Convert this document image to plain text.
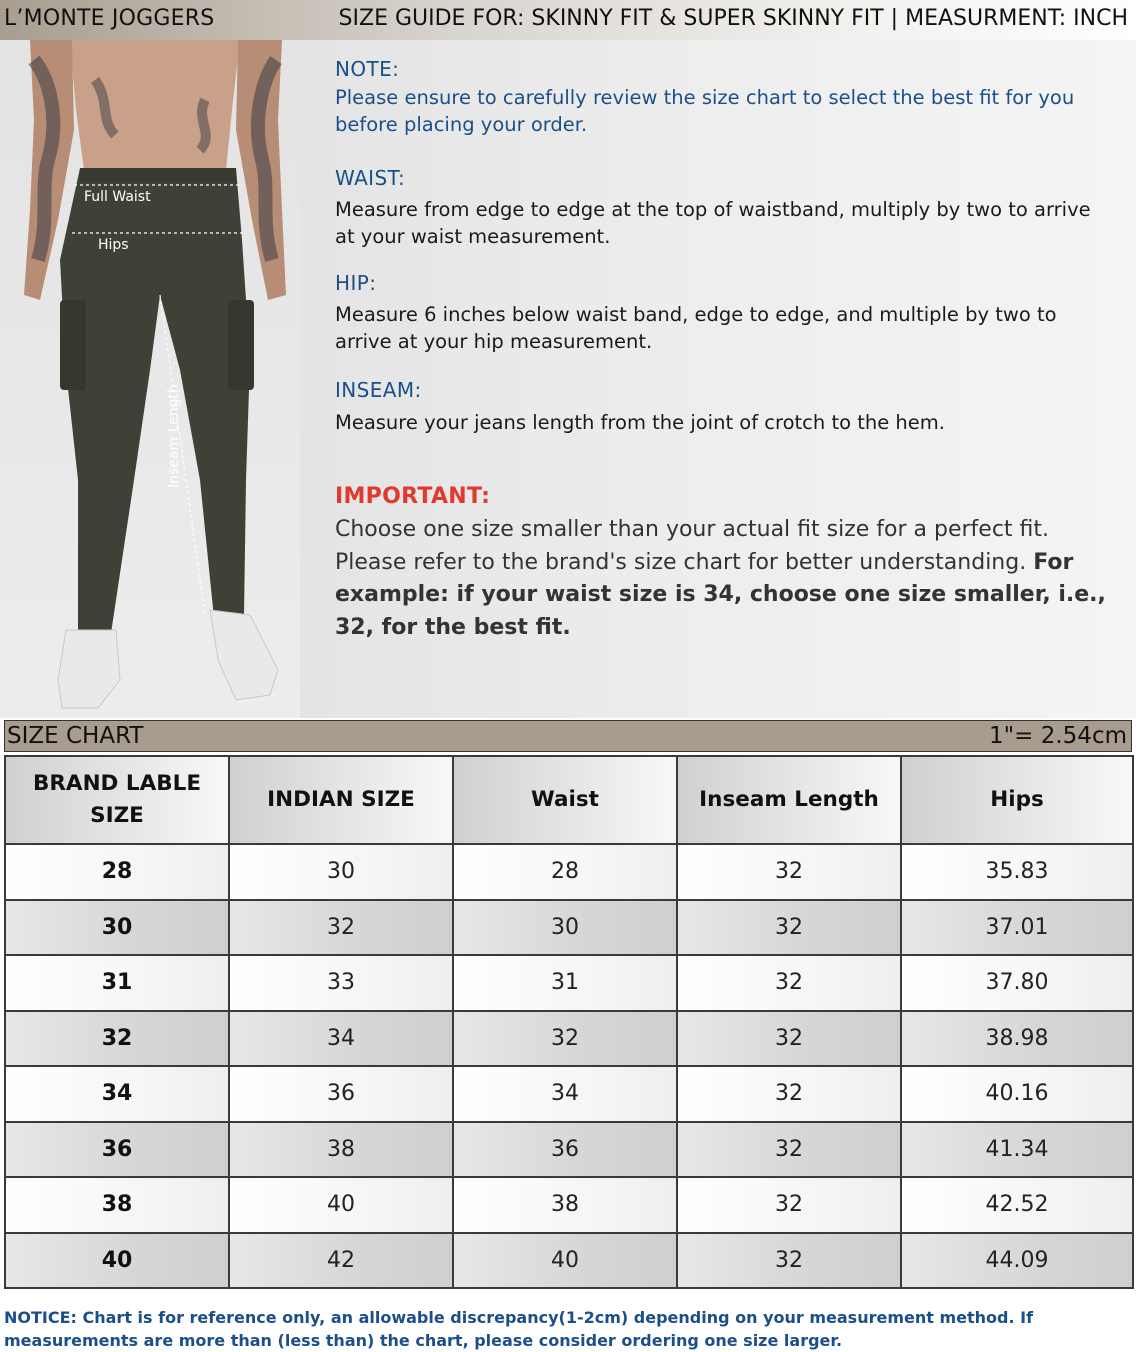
L’MONTE JOGGERS	SIZE GUIDE FOR: SKINNY FIT & SUPER SKINNY FIT | MEASURMENT: INCH
Full Waist
Hips
Inseam Length
NOTE:
Please ensure to carefully review the size chart to select the best fit for you before placing your order.
WAIST:
Measure from edge to edge at the top of waistband, multiply by two to arrive at your waist measurement.
HIP:
Measure 6 inches below waist band, edge to edge, and multiple by two to arrive at your hip measurement.
INSEAM:
Measure your jeans length from the joint of crotch to the hem.
IMPORTANT:
Choose one size smaller than your actual fit size for a perfect fit. Please refer to the brand's size chart for better understanding. For example: if your waist size is 34, choose one size smaller, i.e., 32, for the best fit.
SIZE CHART	1"= 2.54cm
BRAND LABLE SIZE	INDIAN SIZE	Waist	Inseam Length	Hips
28	30	28	32	35.83
30	32	30	32	37.01
31	33	31	32	37.80
32	34	32	32	38.98
34	36	34	32	40.16
36	38	36	32	41.34
38	40	38	32	42.52
40	42	40	32	44.09
NOTICE: Chart is for reference only, an allowable discrepancy(1-2cm) depending on your measurement method. If measurements are more than (less than) the chart, please consider ordering one size larger.
